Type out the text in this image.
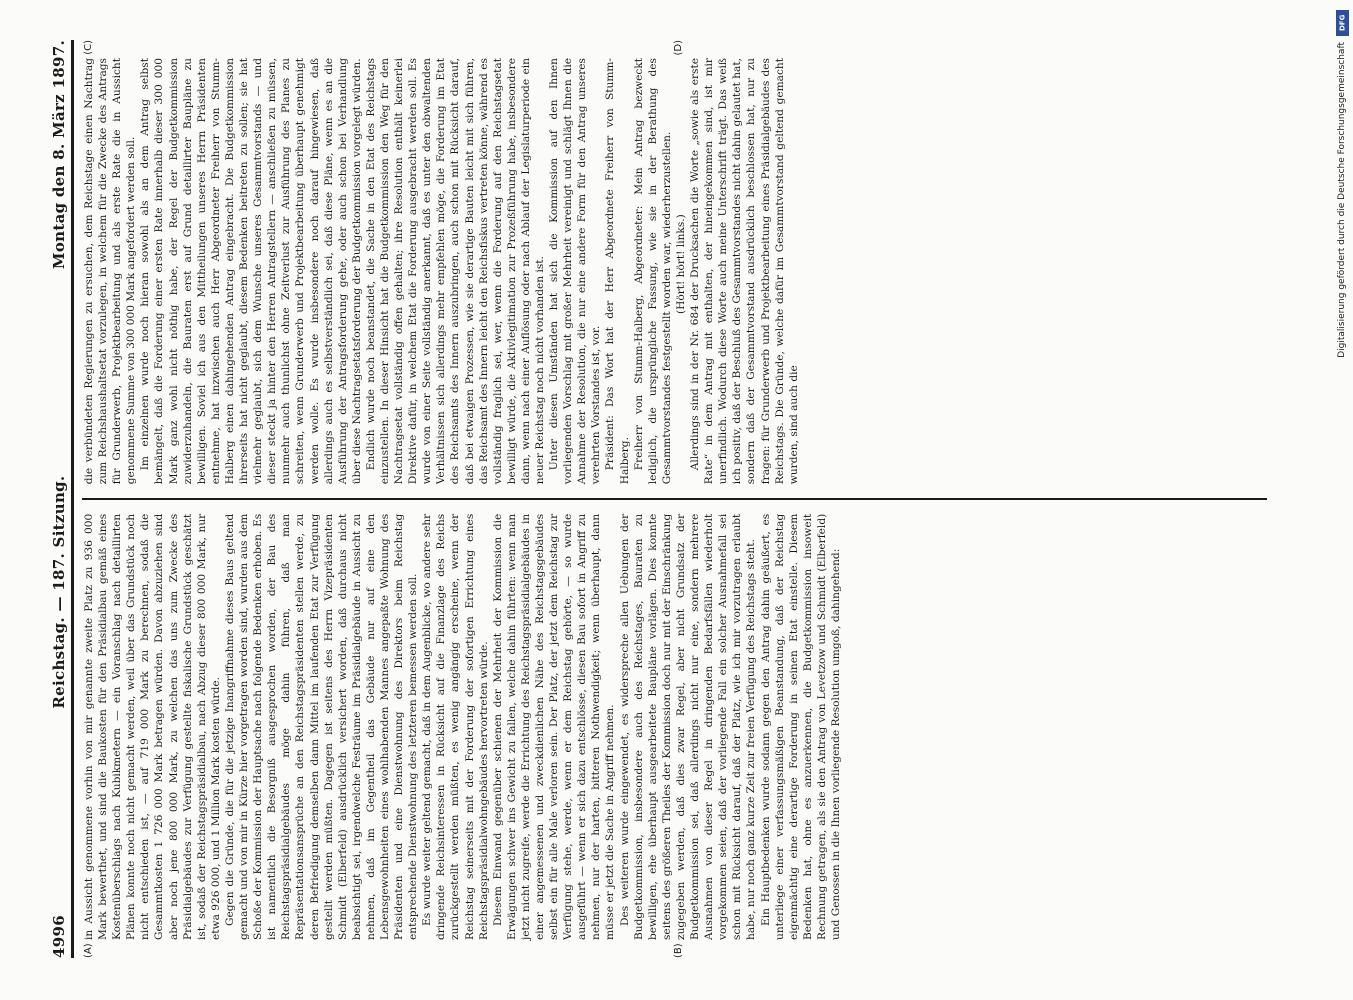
4996
Reichstag. — 187. Sitzung.
Montag den 8. März 1897.
(A)	(B)

in Aussicht genommene vorhin von mir genannte zweite Platz zu 936 000 Mark bewerthet, und sind die Baukosten für den Präsidialbau gemäß eines Kostenüberschlags nach Kubikmetern — ein Voranschlag nach detaillirten Plänen konnte noch nicht gemacht werden, weil über das Grundstück noch nicht entschieden ist, — auf 719 000 Mark zu berechnen, sodaß die Gesammtkosten 1 726 000 Mark betragen würden. Davon abzuziehen sind aber noch jene 800 000 Mark, zu welchen das uns zum Zwecke des Präsidialgebäudes zur Verfügung gestellte fiskalische Grundstück geschätzt ist, sodaß der Reichstagspräsidialbau, nach Abzug dieser 800 000 Mark, nur etwa 926 000, und 1 Million Mark kosten würde. Gegen die Gründe, die für die jetzige Inangriffnahme dieses Baus geltend gemacht und von mir in Kürze hier vorgetragen worden sind, wurden aus dem Schoße der Kommission der Hauptsache nach folgende Bedenken erhoben. Es ist namentlich die Besorgniß ausgesprochen worden, der Bau des Reichstagspräsidialgebäudes möge dahin führen, daß man Repräsentationsansprüche an den Reichstagspräsidenten stellen werde, zu deren Befriedigung demselben dann Mittel im laufenden Etat zur Verfügung gestellt werden müßten. Dagegen ist seitens des Herrn Vizepräsidenten Schmidt (Elberfeld) ausdrücklich versichert worden, daß durchaus nicht beabsichtigt sei, irgendwelche Festräume im Präsidialgebäude in Aussicht zu nehmen, daß im Gegentheil das Gebäude nur auf eine den Lebensgewohnheiten eines wohlhabenden Mannes angepaßte Wohnung des Präsidenten und eine Dienstwohnung des Direktors beim Reichstag entsprechende Dienstwohnung des letzteren bemessen werden soll. Es wurde weiter geltend gemacht, daß in dem Augenblicke, wo andere sehr dringende Reichsinteressen in Rücksicht auf die Finanzlage des Reichs zurückgestellt werden müßten, es wenig angängig erscheine, wenn der Reichstag seinerseits mit der Forderung der sofortigen Errichtung eines Reichstagspräsidialwohngebäudes hervortreten würde. Diesem Einwand gegenüber schienen der Mehrheit der Kommission die Erwägungen schwer ins Gewicht zu fallen, welche dahin führten: wenn man jetzt nicht zugreife, werde die Errichtung des Reichstagspräsidialgebäudes in einer angemessenen und zweckdienlichen Nähe des Reichstagsgebäudes selbst ein für alle Male verloren sein. Der Platz, der jetzt dem Reichstag zur Verfügung stehe, werde, wenn er dem Reichstag gehörte, — so wurde ausgeführt — wenn er sich dazu entschlösse, diesen Bau sofort in Angriff zu nehmen, nur der harten, bitteren Nothwendigkeit; wenn überhaupt, dann müsse er jetzt die Sache in Angriff nehmen. Des weiteren wurde eingewendet, es widerspreche allen Uebungen der Budgetkommission, insbesondere auch des Reichstages, Bauraten zu bewilligen, ehe überhaupt ausgearbeitete Baupläne vorlägen. Dies konnte seitens des größeren Theiles der Kommission doch nur mit der Einschränkung zugegeben werden, daß dies zwar Regel, aber nicht Grundsatz der Budgetkommission sei, daß allerdings nicht nur eine, sondern mehrere Ausnahmen von dieser Regel in dringenden Bedarfsfällen wiederholt vorgekommen seien, daß der vorliegende Fall ein solcher Ausnahmefall sei schon mit Rücksicht darauf, daß der Platz, wie ich mir vorzutragen erlaubt habe, nur noch ganz kurze Zeit zur freien Verfügung des Reichstags steht. Ein Hauptbedenken wurde sodann gegen den Antrag dahin geäußert, es unterliege einer verfassungsmäßigen Beanstandung, daß der Reichstag eigenmächtig eine derartige Forderung in seinen Etat einstelle. Diesem Bedenken hat, ohne es anzuerkennen, die Budgetkommission insoweit Rechnung getragen, als sie den Antrag von Levetzow und Schmidt (Elberfeld) und Genossen in die Ihnen vorliegende Resolution umgoß, dahingehend:

(C)	(D)

die verbündeten Regierungen zu ersuchen, dem Reichstage einen Nachtrag zum Reichshaushaltsetat vorzulegen, in welchem für die Zwecke des Antrags für Grunderwerb, Projektbearbeitung und als erste Rate die in Aussicht genommene Summe von 300 000 Mark angefordert werden soll. Im einzelnen wurde noch hieran sowohl als an dem Antrag selbst bemängelt, daß die Forderung einer ersten Rate innerhalb dieser 300 000 Mark ganz wohl nicht nöthig habe, der Regel der Budgetkommission zuwiderzuhandeln, die Bauraten erst auf Grund detaillirter Baupläne zu bewilligen. Soviel ich aus den Mittheilungen unseres Herrn Präsidenten entnehme, hat inzwischen auch Herr Abgeordneter Freiherr von Stumm-Halberg einen dahingehenden Antrag eingebracht. Die Budgetkommission ihrerseits hat nicht geglaubt, diesem Bedenken beitreten zu sollen; sie hat vielmehr geglaubt, sich dem Wunsche unseres Gesammtvorstands — und dieser steckt ja hinter den Herren Antragstellern — anschließen zu müssen, nunmehr auch thunlichst ohne Zeitverlust zur Ausführung des Planes zu schreiten, wenn Grunderwerb und Projektbearbeitung überhaupt genehmigt werden wolle. Es wurde insbesondere noch darauf hingewiesen, daß allerdings auch es selbstverständlich sei, daß diese Pläne, wenn es an die Ausführung der Antragsforderung gehe, oder auch schon bei Verhandlung über diese Nachtragsetatsforderung der Budgetkommission vorgelegt würden. Endlich wurde noch beanstandet, die Sache in den Etat des Reichstags einzustellen. In dieser Hinsicht hat die Budgetkommission den Weg für den Nachtragsetat vollständig offen gehalten; ihre Resolution enthält keinerlei Direktive dafür, in welchem Etat die Forderung ausgebracht werden soll. Es wurde von einer Seite vollständig anerkannt, daß es unter den obwaltenden Verhältnissen sich allerdings mehr empfehlen möge, die Forderung im Etat des Reichsamts des Innern auszubringen, auch schon mit Rücksicht darauf, daß bei etwaigen Prozessen, wie sie derartige Bauten leicht mit sich führen, das Reichsamt des Innern leicht den Reichsfiskus vertreten könne, während es vollständig fraglich sei, wer, wenn die Forderung auf den Reichstagsetat bewilligt würde, die Aktivlegitimation zur Prozeßführung habe, insbesondere dann, wenn nach einer Auflösung oder nach Ablauf der Legislaturperiode ein neuer Reichstag noch nicht vorhanden ist. Unter diesen Umständen hat sich die Kommission auf den Ihnen vorliegenden Vorschlag mit großer Mehrheit vereinigt und schlägt Ihnen die Annahme der Resolution, die nur eine andere Form für den Antrag unseres verehrten Vorstandes ist, vor. Präsident: Das Wort hat der Herr Abgeordnete Freiherr von Stumm-Halberg. Freiherr von Stumm-Halberg, Abgeordneter: Mein Antrag bezweckt lediglich, die ursprüngliche Fassung, wie sie in der Berathung des Gesammtvorstandes festgestellt worden war, wiederherzustellen. (Hört! hört! links.) Allerdings sind in der Nr. 684 der Drucksachen die Worte „sowie als erste Rate“ in dem Antrag mit enthalten, der hineingekommen sind, ist mir unerfindlich. Wodurch diese Worte auch meine Unterschrift trägt. Das weiß ich positiv, daß der Beschluß des Gesammtvorstandes nicht dahin gelautet hat, sondern daß der Gesammtvorstand ausdrücklich beschlossen hat, nur zu fragen: für Grunderwerb und Projektbearbeitung eines Präsidialgebäudes des Reichstags. Die Gründe, welche dafür im Gesammtvorstand geltend gemacht wurden, sind auch die

DFG
Digitalisierung gefördert durch die Deutsche Forschungsgemeinschaft
